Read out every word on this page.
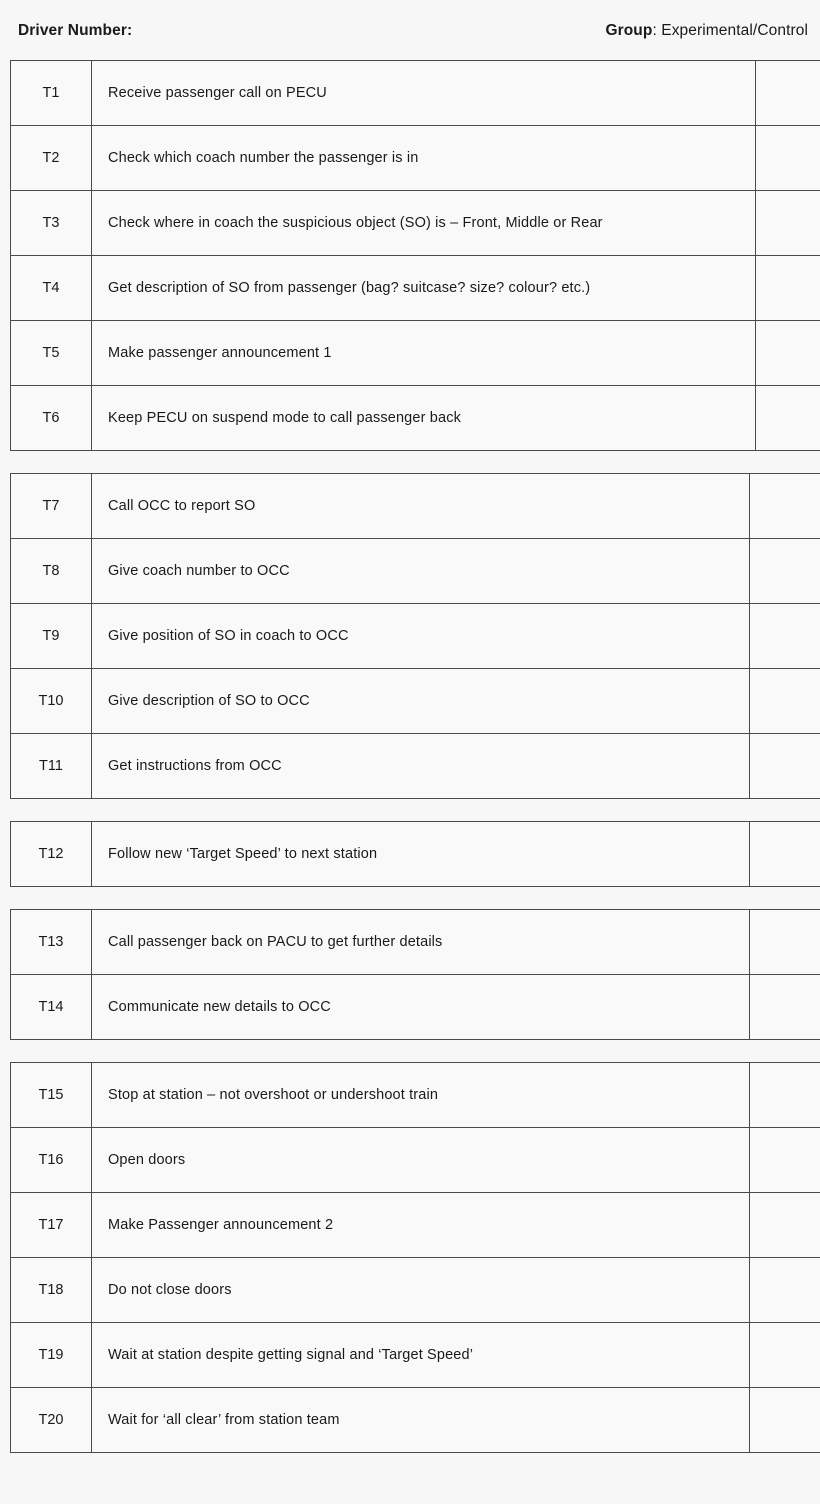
Driver Number:	Group: Experimental/Control
T1	Receive passenger call on PECU	
T2	Check which coach number the passenger is in	
T3	Check where in coach the suspicious object (SO) is – Front, Middle or Rear	
T4	Get description of SO from passenger (bag? suitcase? size? colour? etc.)	
T5	Make passenger announcement 1	
T6	Keep PECU on suspend mode to call passenger back	
T7	Call OCC to report SO	
T8	Give coach number to OCC	
T9	Give position of SO in coach to OCC	
T10	Give description of SO to OCC	
T11	Get instructions from OCC	
T12	Follow new ‘Target Speed’ to next station	
T13	Call passenger back on PACU to get further details	
T14	Communicate new details to OCC	
T15	Stop at station – not overshoot or undershoot train	
T16	Open doors	
T17	Make Passenger announcement 2	
T18	Do not close doors	
T19	Wait at station despite getting signal and ‘Target Speed’	
T20	Wait for ‘all clear’ from station team	
